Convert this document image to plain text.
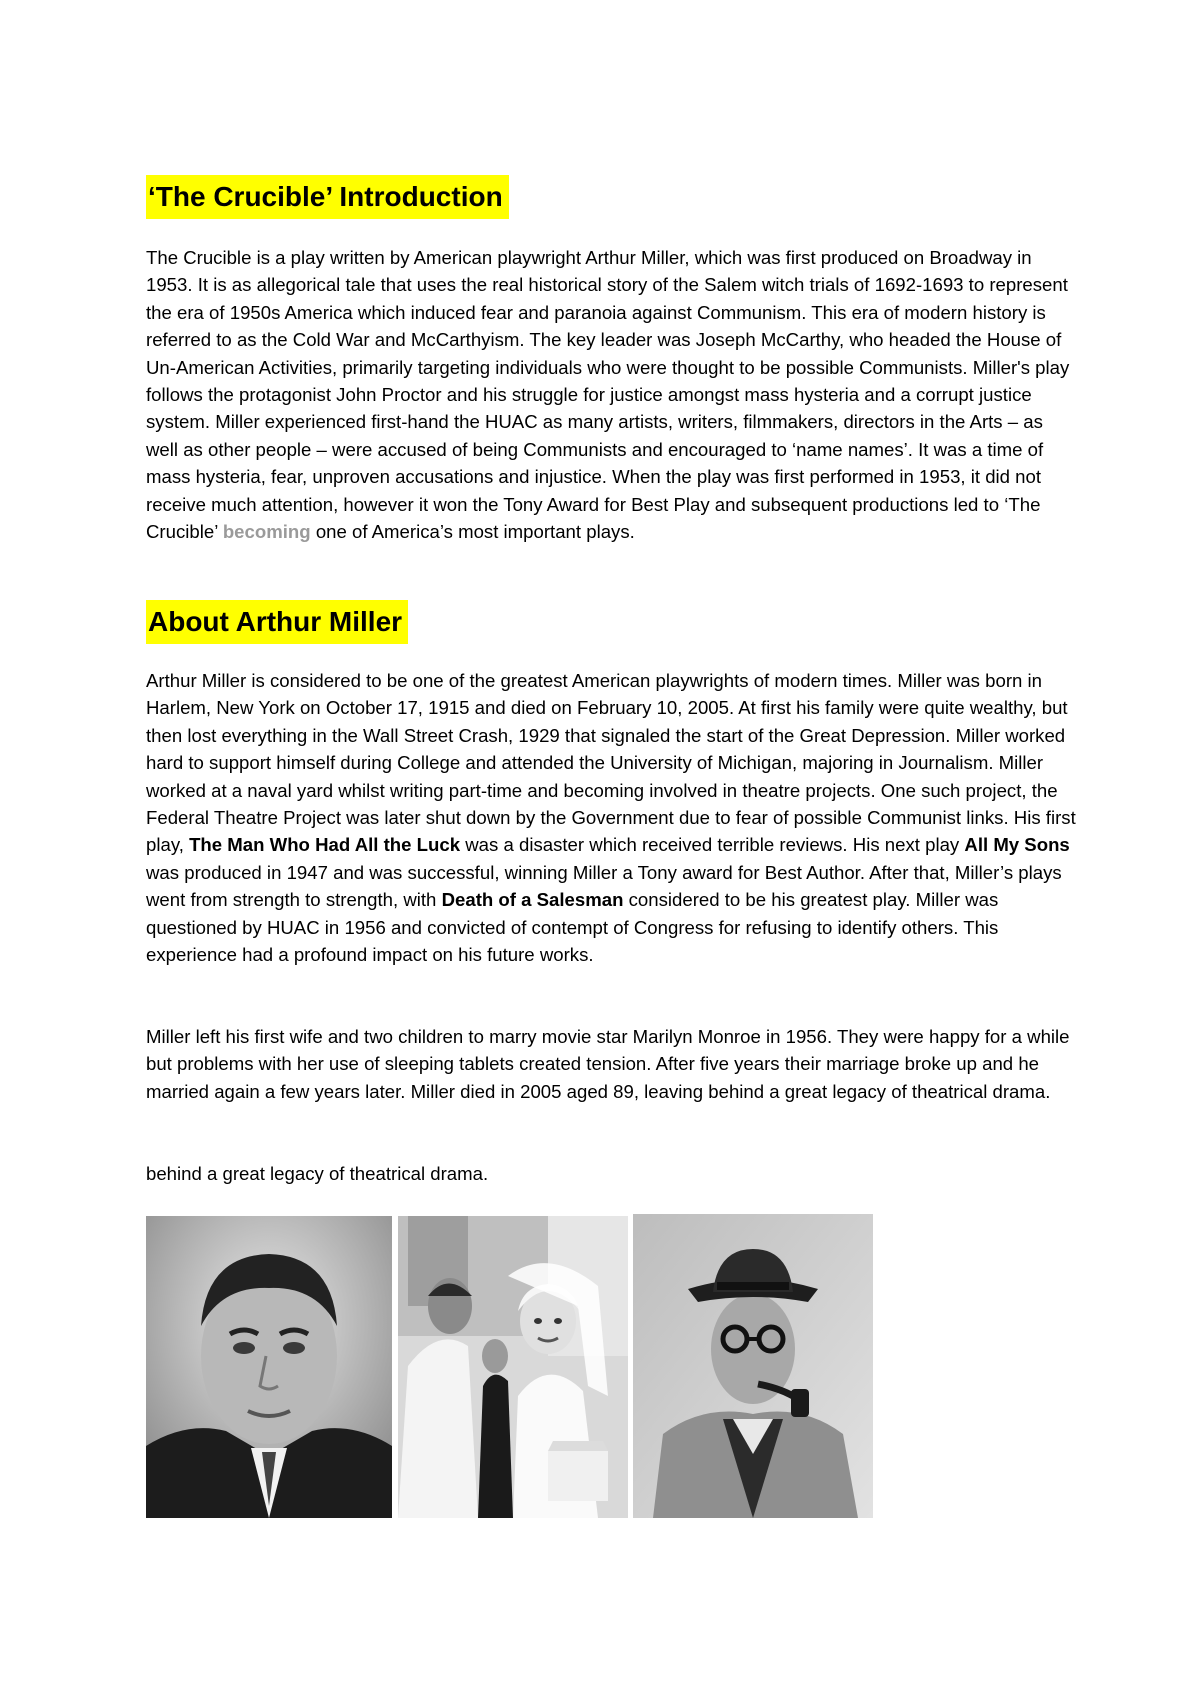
‘The Crucible’ Introduction

The Crucible is a play written by American playwright Arthur Miller, which was first produced on Broadway in 1953. It is as allegorical tale that uses the real historical story of the Salem witch trials of 1692-1693 to represent the era of 1950s America which induced fear and paranoia against Communism. This era of modern history is referred to as the Cold War and McCarthyism. The key leader was Joseph McCarthy, who headed the House of Un-American Activities, primarily targeting individuals who were thought to be possible Communists. Miller's play follows the protagonist John Proctor and his struggle for justice amongst mass hysteria and a corrupt justice system. Miller experienced first-hand the HUAC as many artists, writers, filmmakers, directors in the Arts – as well as other people – were accused of being Communists and encouraged to ‘name names’. It was a time of mass hysteria, fear, unproven accusations and injustice. When the play was first performed in 1953, it did not receive much attention, however it won the Tony Award for Best Play and subsequent productions led to ‘The Crucible’ becoming one of America’s most important plays.

About Arthur Miller

Arthur Miller is considered to be one of the greatest American playwrights of modern times. Miller was born in Harlem, New York on October 17, 1915 and died on February 10, 2005. At first his family were quite wealthy, but then lost everything in the Wall Street Crash, 1929 that signaled the start of the Great Depression. Miller worked hard to support himself during College and attended the University of Michigan, majoring in Journalism. Miller worked at a naval yard whilst writing part-time and becoming involved in theatre projects. One such project, the Federal Theatre Project was later shut down by the Government due to fear of possible Communist links. His first play, The Man Who Had All the Luck was a disaster which received terrible reviews. His next play All My Sons was produced in 1947 and was successful, winning Miller a Tony award for Best Author. After that, Miller’s plays went from strength to strength, with Death of a Salesman considered to be his greatest play. Miller was questioned by HUAC in 1956 and convicted of contempt of Congress for refusing to identify others. This experience had a profound impact on his future works.

Miller left his first wife and two children to marry movie star Marilyn Monroe in 1956. They were happy for a while but problems with her use of sleeping tablets created tension. After five years their marriage broke up and he married again a few years later. Miller died in 2005 aged 89, leaving behind a great legacy of theatrical drama.

behind a great legacy of theatrical drama.
